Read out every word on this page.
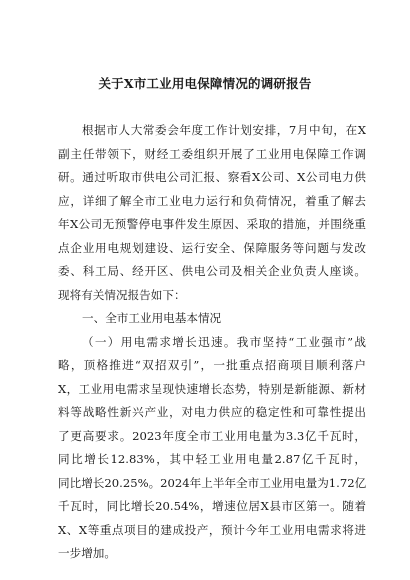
关于X市工业用电保障情况的调研报告
根据市人大常委会年度工作计划安排，7月中旬，在X
副主任带领下，财经工委组织开展了工业用电保障工作调
研。通过听取市供电公司汇报、察看X公司、X公司电力供
应，详细了解全市工业电力运行和负荷情况，着重了解去
年X公司无预警停电事件发生原因、采取的措施，并围绕重
点企业用电规划建设、运行安全、保障服务等问题与发改
委、科工局、经开区、供电公司及相关企业负责人座谈。
现将有关情况报告如下：
一、全市工业用电基本情况
（一）用电需求增长迅速。我市坚持“工业强市”战
略，顶格推进“双招双引”，一批重点招商项目顺利落户
X，工业用电需求呈现快速增长态势，特别是新能源、新材
料等战略性新兴产业，对电力供应的稳定性和可靠性提出
了更高要求。2023年度全市工业用电量为3.3亿千瓦时，
同比增长12.83%，其中轻工业用电量2.87亿千瓦时，
同比增长20.25%。2024年上半年全市工业用电量为1.72亿
千瓦时，同比增长20.54%，增速位居X县市区第一。随着
X、X等重点项目的建成投产，预计今年工业用电需求将进
一步增加。
